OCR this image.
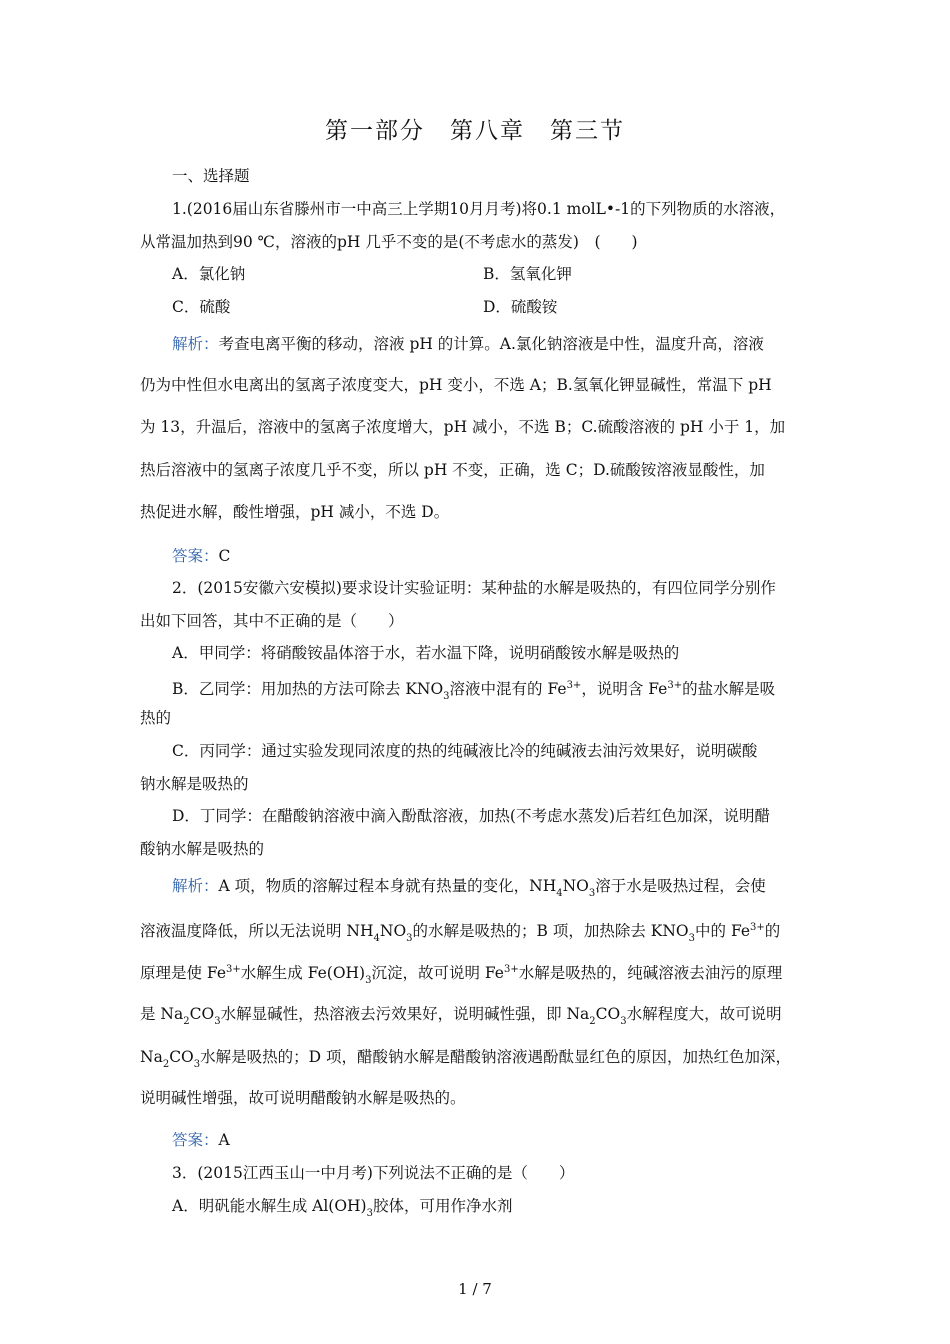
第一部分　第八章　第三节
一、选择题
1.(2016届山东省滕州市一中高三上学期10月月考)将0.1 molL•-1的下列物质的水溶液，
从常温加热到90 ℃，溶液的pH 几乎不变的是(不考虑水的蒸发)　(　　)
A．氯化钠	B．氢氧化钾
C．硫酸	D．硫酸铵
解析：考查电离平衡的移动，溶液 pH 的计算。A.氯化钠溶液是中性，温度升高，溶液
仍为中性但水电离出的氢离子浓度变大，pH 变小，不选 A；B.氢氧化钾显碱性，常温下 pH
为 13，升温后，溶液中的氢离子浓度增大，pH 减小，不选 B；C.硫酸溶液的 pH 小于 1，加
热后溶液中的氢离子浓度几乎不变，所以 pH 不变，正确，选 C；D.硫酸铵溶液显酸性，加
热促进水解，酸性增强，pH 减小，不选 D。
答案：C
2．(2015安徽六安模拟)要求设计实验证明：某种盐的水解是吸热的，有四位同学分别作
出如下回答，其中不正确的是（　　）
A．甲同学：将硝酸铵晶体溶于水，若水温下降，说明硝酸铵水解是吸热的
B．乙同学：用加热的方法可除去 $KNO_3$溶液中混有的 $Fe^{3+}$，说明含 $Fe^{3+}$的盐水解是吸
热的
C．丙同学：通过实验发现同浓度的热的纯碱液比冷的纯碱液去油污效果好，说明碳酸
钠水解是吸热的
D．丁同学：在醋酸钠溶液中滴入酚酞溶液，加热(不考虑水蒸发)后若红色加深，说明醋
酸钠水解是吸热的
解析：A 项，物质的溶解过程本身就有热量的变化，$NH_4NO_3$溶于水是吸热过程，会使
溶液温度降低，所以无法说明 $NH_4NO_3$的水解是吸热的；B 项，加热除去 $KNO_3$中的 $Fe^{3+}$的
原理是使 $Fe^{3+}$水解生成 $Fe(OH)_3$沉淀，故可说明 $Fe^{3+}$水解是吸热的，纯碱溶液去油污的原理
是 $Na_2CO_3$水解显碱性，热溶液去污效果好，说明碱性强，即 $Na_2CO_3$水解程度大，故可说明
$Na_2CO_3$水解是吸热的；D 项，醋酸钠水解是醋酸钠溶液遇酚酞显红色的原因，加热红色加深，
说明碱性增强，故可说明醋酸钠水解是吸热的。
答案：A
3．(2015江西玉山一中月考)下列说法不正确的是（　　）
A．明矾能水解生成 $Al(OH)_3$胶体，可用作净水剂
1 / 7
